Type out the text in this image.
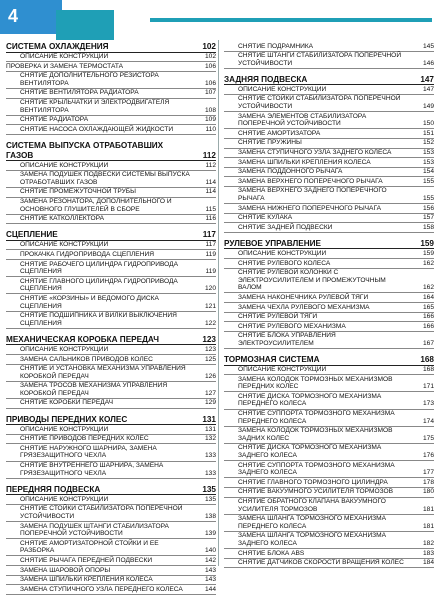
4
СИСТЕМА ОХЛАЖДЕНИЯ	102
ОПИСАНИЕ КОНСТРУКЦИИ	102
ПРОВЕРКА И ЗАМЕНА ТЕРМОСТАТА	106
СНЯТИЕ ДОПОЛНИТЕЛЬНОГО РЕЗИСТОРА ВЕНТИЛЯТОРА	106
СНЯТИЕ ВЕНТИЛЯТОРА РАДИАТОРА	107
СНЯТИЕ КРЫЛЬЧАТКИ И ЭЛЕКТРОДВИГАТЕЛЯ ВЕНТИЛЯТОРА	108
СНЯТИЕ РАДИАТОРА	109
СНЯТИЕ НАСОСА ОХЛАЖДАЮЩЕЙ ЖИДКОСТИ	110
СИСТЕМА ВЫПУСКА ОТРАБОТАВШИХ ГАЗОВ	112
ОПИСАНИЕ КОНСТРУКЦИИ	112
ЗАМЕНА ПОДУШЕК ПОДВЕСКИ СИСТЕМЫ ВЫПУСКА ОТРАБОТАВШИХ ГАЗОВ	114
СНЯТИЕ ПРОМЕЖУТОЧНОЙ ТРУБЫ	114
ЗАМЕНА РЕЗОНАТОРА, ДОПОЛНИТЕЛЬНОГО И ОСНОВНОГО ГЛУШИТЕЛЕЙ В СБОРЕ	115
СНЯТИЕ КАТКОЛЛЕКТОРА	116
СЦЕПЛЕНИЕ	117
ОПИСАНИЕ КОНСТРУКЦИИ	117
ПРОКАЧКА ГИДРОПРИВОДА СЦЕПЛЕНИЯ	119
СНЯТИЕ РАБОЧЕГО ЦИЛИНДРА ГИДРОПРИВОДА СЦЕПЛЕНИЯ	119
СНЯТИЕ ГЛАВНОГО ЦИЛИНДРА ГИДРОПРИВОДА СЦЕПЛЕНИЯ	120
СНЯТИЕ «КОРЗИНЫ» И ВЕДОМОГО ДИСКА СЦЕПЛЕНИЯ	121
СНЯТИЕ ПОДШИПНИКА И ВИЛКИ ВЫКЛЮЧЕНИЯ СЦЕПЛЕНИЯ	122
МЕХАНИЧЕСКАЯ КОРОБКА ПЕРЕДАЧ	123
ОПИСАНИЕ КОНСТРУКЦИИ	123
ЗАМЕНА САЛЬНИКОВ ПРИВОДОВ КОЛЕС	125
СНЯТИЕ И УСТАНОВКА МЕХАНИЗМА УПРАВЛЕНИЯ КОРОБКОЙ ПЕРЕДАЧ	126
ЗАМЕНА ТРОСОВ МЕХАНИЗМА УПРАВЛЕНИЯ КОРОБКОЙ ПЕРЕДАЧ	127
СНЯТИЕ КОРОБКИ ПЕРЕДАЧ	129
ПРИВОДЫ ПЕРЕДНИХ КОЛЕС	131
ОПИСАНИЕ КОНСТРУКЦИИ	131
СНЯТИЕ ПРИВОДОВ ПЕРЕДНИХ КОЛЕС	132
СНЯТИЕ НАРУЖНОГО ШАРНИРА, ЗАМЕНА ГРЯЗЕЗАЩИТНОГО ЧЕХЛА	133
СНЯТИЕ ВНУТРЕННЕГО ШАРНИРА, ЗАМЕНА ГРЯЗЕЗАЩИТНОГО ЧЕХЛА	133
ПЕРЕДНЯЯ ПОДВЕСКА	135
ОПИСАНИЕ КОНСТРУКЦИИ	135
СНЯТИЕ СТОЙКИ СТАБИЛИЗАТОРА ПОПЕРЕЧНОЙ УСТОЙЧИВОСТИ	138
ЗАМЕНА ПОДУШЕК ШТАНГИ СТАБИЛИЗАТОРА ПОПЕРЕЧНОЙ УСТОЙЧИВОСТИ	139
СНЯТИЕ АМОРТИЗАТОРНОЙ СТОЙКИ И ЕЕ РАЗБОРКА	140
СНЯТИЕ РЫЧАГА ПЕРЕДНЕЙ ПОДВЕСКИ	142
ЗАМЕНА ШАРОВОЙ ОПОРЫ	143
ЗАМЕНА ШПИЛЬКИ КРЕПЛЕНИЯ КОЛЕСА	143
ЗАМЕНА СТУПИЧНОГО УЗЛА ПЕРЕДНЕГО КОЛЕСА	144
СНЯТИЕ ПОДРАМНИКА	145
СНЯТИЕ ШТАНГИ СТАБИЛИЗАТОРА ПОПЕРЕЧНОЙ УСТОЙЧИВОСТИ	146
ЗАДНЯЯ ПОДВЕСКА	147
ОПИСАНИЕ КОНСТРУКЦИИ	147
СНЯТИЕ СТОЙКИ СТАБИЛИЗАТОРА ПОПЕРЕЧНОЙ УСТОЙЧИВОСТИ	149
ЗАМЕНА ЭЛЕМЕНТОВ СТАБИЛИЗАТОРА ПОПЕРЕЧНОЙ УСТОЙЧИВОСТИ	150
СНЯТИЕ АМОРТИЗАТОРА	151
СНЯТИЕ ПРУЖИНЫ	152
ЗАМЕНА СТУПИЧНОГО УЗЛА ЗАДНЕГО КОЛЕСА	153
ЗАМЕНА ШПИЛЬКИ КРЕПЛЕНИЯ КОЛЕСА	153
ЗАМЕНА ПОДДОННОГО РЫЧАГА	154
ЗАМЕНА ВЕРХНЕГО ПОПЕРЕЧНОГО РЫЧАГА	155
ЗАМЕНА ВЕРХНЕГО ЗАДНЕГО ПОПЕРЕЧНОГО РЫЧАГА	155
ЗАМЕНА НИЖНЕГО ПОПЕРЕЧНОГО РЫЧАГА	156
СНЯТИЕ КУЛАКА	157
СНЯТИЕ ЗАДНЕЙ ПОДВЕСКИ	158
РУЛЕВОЕ УПРАВЛЕНИЕ	159
ОПИСАНИЕ КОНСТРУКЦИИ	159
СНЯТИЕ РУЛЕВОГО КОЛЕСА	162
СНЯТИЕ РУЛЕВОЙ КОЛОНКИ С ЭЛЕКТРОУСИЛИТЕЛЕМ И ПРОМЕЖУТОЧНЫМ ВАЛОМ	162
ЗАМЕНА НАКОНЕЧНИКА РУЛЕВОЙ ТЯГИ	164
ЗАМЕНА ЧЕХЛА РУЛЕВОГО МЕХАНИЗМА	165
СНЯТИЕ РУЛЕВОЙ ТЯГИ	166
СНЯТИЕ РУЛЕВОГО МЕХАНИЗМА	166
СНЯТИЕ БЛОКА УПРАВЛЕНИЯ ЭЛЕКТРОУСИЛИТЕЛЕМ	167
ТОРМОЗНАЯ СИСТЕМА	168
ОПИСАНИЕ КОНСТРУКЦИИ	168
ЗАМЕНА КОЛОДОК ТОРМОЗНЫХ МЕХАНИЗМОВ ПЕРЕДНИХ КОЛЕС	171
СНЯТИЕ ДИСКА ТОРМОЗНОГО МЕХАНИЗМА ПЕРЕДНЕГО КОЛЕСА	173
СНЯТИЕ СУППОРТА ТОРМОЗНОГО МЕХАНИЗМА ПЕРЕДНЕГО КОЛЕСА	174
ЗАМЕНА КОЛОДОК ТОРМОЗНЫХ МЕХАНИЗМОВ ЗАДНИХ КОЛЕС	175
СНЯТИЕ ДИСКА ТОРМОЗНОГО МЕХАНИЗМА ЗАДНЕГО КОЛЕСА	176
СНЯТИЕ СУППОРТА ТОРМОЗНОГО МЕХАНИЗМА ЗАДНЕГО КОЛЕСА	177
СНЯТИЕ ГЛАВНОГО ТОРМОЗНОГО ЦИЛИНДРА	178
СНЯТИЕ ВАКУУМНОГО УСИЛИТЕЛЯ ТОРМОЗОВ	180
СНЯТИЕ ОБРАТНОГО КЛАПАНА ВАКУУМНОГО УСИЛИТЕЛЯ ТОРМОЗОВ	181
ЗАМЕНА ШЛАНГА ТОРМОЗНОГО МЕХАНИЗМА ПЕРЕДНЕГО КОЛЕСА	181
ЗАМЕНА ШЛАНГА ТОРМОЗНОГО МЕХАНИЗМА ЗАДНЕГО КОЛЕСА	182
СНЯТИЕ БЛОКА ABS	183
СНЯТИЕ ДАТЧИКОВ СКОРОСТИ ВРАЩЕНИЯ КОЛЕС	184
